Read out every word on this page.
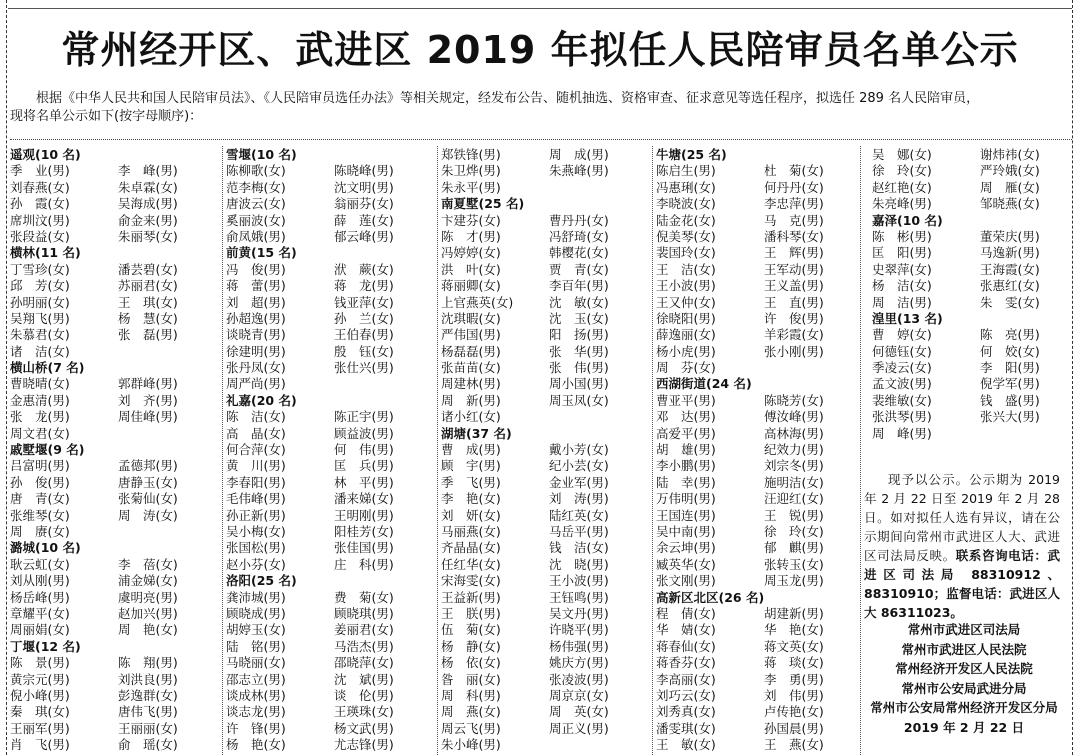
常州经开区、武进区 2019 年拟任人民陪审员名单公示
根据《中华人民共和国人民陪审员法》、《人民陪审员选任办法》等相关规定，经发布公告、随机抽选、资格审查、征求意见等选任程序，拟选任 289 名人民陪审员，
现将名单公示如下(按字母顺序)：
遥观(10 名)
季　业(男)	李　峰(男)
刘春燕(女)	朱卓霖(女)
孙　霞(女)	吴海成(男)
席圳汶(男)	俞金来(男)
张段益(女)	朱丽琴(女)
横林(11 名)
丁雪珍(女)	潘芸碧(女)
邱　芳(女)	苏丽君(女)
孙明丽(女)	王　琪(女)
吴翔飞(男)	杨　慧(女)
朱慕君(女)	张　磊(男)
诸　洁(女)
横山桥(7 名)
曹晓晴(女)	郭群峰(男)
金惠清(男)	刘　齐(男)
张　龙(男)	周佳峰(男)
周文君(女)
戚墅堰(9 名)
吕富明(男)	孟德邦(男)
孙　俊(男)	唐静玉(女)
唐　青(女)	张菊仙(女)
张维琴(女)	周　涛(女)
周　赓(女)
潞城(10 名)
耿云虹(女)	李　蓓(女)
刘从刚(男)	浦金娣(女)
杨岳峰(男)	虞明亮(男)
章耀平(女)	赵加兴(男)
周丽娟(女)	周　艳(女)
丁堰(12 名)
陈　景(男)	陈　翔(男)
黄宗元(男)	刘洪良(男)
倪小峰(男)	彭逸群(女)
秦　琪(女)	唐伟飞(男)
王丽军(男)	王丽丽(女)
肖　飞(男)	俞　瑶(女)
雪堰(10 名)
陈柳歌(女)	陈晓峰(男)
范李梅(女)	沈文明(男)
唐波云(女)	翁丽芬(女)
奚丽波(女)	薛　莲(女)
俞凤娥(男)	郁云峰(男)
前黄(15 名)
冯　俊(男)	洑　蕨(女)
蒋　蕾(男)	蒋　龙(男)
刘　超(男)	钱亚萍(女)
孙超逸(男)	孙　兰(女)
谈晓青(男)	王伯春(男)
徐建明(男)	殷　钰(女)
张丹凤(女)	张仕兴(男)
周严尚(男)
礼嘉(20 名)
陈　洁(女)	陈正宇(男)
高　晶(女)	顾益波(男)
何合萍(女)	何　伟(男)
黄　川(男)	匡　兵(男)
李春阳(男)	林　平(男)
毛伟峰(男)	潘来娣(女)
孙正新(男)	王明刚(男)
吴小梅(女)	阳桂芳(女)
张国松(男)	张佳国(男)
赵小芬(女)	庄　科(男)
洛阳(25 名)
龚沛城(男)	费　菊(女)
顾晓成(男)	顾晓琪(男)
胡婷玉(女)	姜丽君(女)
陆　铭(男)	马浩杰(男)
马晓丽(女)	邵晓萍(女)
邵志立(男)	沈　斌(男)
谈成林(男)	谈　伦(男)
谈志龙(男)	王瑛珠(女)
许　锋(男)	杨文武(男)
杨　艳(女)	尤志锋(男)
郑铁锋(男)	周　成(男)
朱卫烨(男)	朱燕峰(男)
朱永平(男)
南夏墅(25 名)
卞建芬(女)	曹丹丹(女)
陈　才(男)	冯舒琦(女)
冯婷婷(女)	韩樱花(女)
洪　叶(女)	贾　青(女)
蒋丽卿(女)	李百年(男)
上官燕英(女)	沈　敏(女)
沈琪暇(女)	沈　玉(女)
严伟国(男)	阳　扬(男)
杨磊磊(男)	张　华(男)
张苗苗(女)	张　伟(男)
周建林(男)	周小国(男)
周　新(男)	周玉凤(女)
诸小红(女)
湖塘(37 名)
曹　成(男)	戴小芳(女)
顾　宇(男)	纪小芸(女)
季　飞(男)	金业军(男)
李　艳(女)	刘　涛(男)
刘　妍(女)	陆红英(女)
马丽燕(女)	马岳平(男)
齐晶晶(女)	钱　洁(女)
任红华(女)	沈　晓(男)
宋海雯(女)	王小波(男)
王益新(男)	王钰鸣(男)
王　朕(男)	吴文丹(男)
伍　菊(女)	许晓平(男)
杨　静(女)	杨伟强(男)
杨　依(女)	姚庆方(男)
昝　丽(女)	张凌波(男)
周　科(男)	周京京(女)
周　燕(女)	周　英(女)
周云飞(男)	周正义(男)
朱小峰(男)
牛塘(25 名)
陈启生(男)	杜　菊(女)
冯惠琍(女)	何丹丹(女)
李晓波(女)	李忠萍(男)
陆金花(女)	马　克(男)
倪美琴(女)	潘科琴(女)
裴国玲(女)	王　辉(男)
王　洁(女)	王军动(男)
王小波(男)	王义盖(男)
王又仲(女)	王　直(男)
徐晓阳(男)	许　俊(男)
薛逸丽(女)	羊彩霞(女)
杨小虎(男)	张小刚(男)
周　芬(女)
西湖街道(24 名)
曹亚平(男)	陈晓芳(女)
邓　达(男)	傅汝峰(男)
高爱平(男)	高林海(男)
胡　雄(男)	纪效力(男)
李小鹏(男)	刘宗冬(男)
陆　幸(男)	施明洁(女)
万伟明(男)	汪迎红(女)
王国连(男)	王　锐(男)
吴中南(男)	徐　玲(女)
余云坤(男)	郁　麒(男)
臧英华(女)	张转玉(女)
张文刚(男)	周玉龙(男)
高新区北区(26 名)
程　倩(女)	胡建新(男)
华　婧(女)	华　艳(女)
蒋春仙(女)	蒋文英(女)
蒋香芬(女)	蒋　琰(女)
李高丽(女)	李　勇(男)
刘巧云(女)	刘　伟(男)
刘秀真(女)	卢传艳(女)
潘雯琪(女)	孙国晨(男)
王　敏(女)	王　燕(女)
吴　娜(女)	谢炜祎(女)
徐　玲(女)	严玲娥(女)
赵红艳(女)	周　雁(女)
朱亮峰(男)	邹晓燕(女)
嘉泽(10 名)
陈　彬(男)	董荣庆(男)
匡　阳(男)	马逸新(男)
史翠萍(女)	王海霞(女)
杨　洁(女)	张惠红(女)
周　洁(男)	朱　雯(女)
湟里(13 名)
曹　婷(女)	陈　亮(男)
何德钰(女)	何　姣(女)
季凌云(女)	李　阳(男)
孟文波(男)	倪学军(男)
裴维敏(女)	钱　盛(男)
张洪琴(男)	张兴大(男)
周　峰(男)
现予以公示。公示期为 2019 年 2 月 22 日至 2019 年 2 月 28 日。如对拟任人选有异议，请在公示期间向常州市武进区人大、武进区司法局反映。联系咨询电话：武进区司法局 88310912、88310910；监督电话：武进区人大 86311023。
常州市武进区司法局
常州市武进区人民法院
常州经济开发区人民法院
常州市公安局武进分局
常州市公安局常州经济开发区分局
2019 年 2 月 22 日
